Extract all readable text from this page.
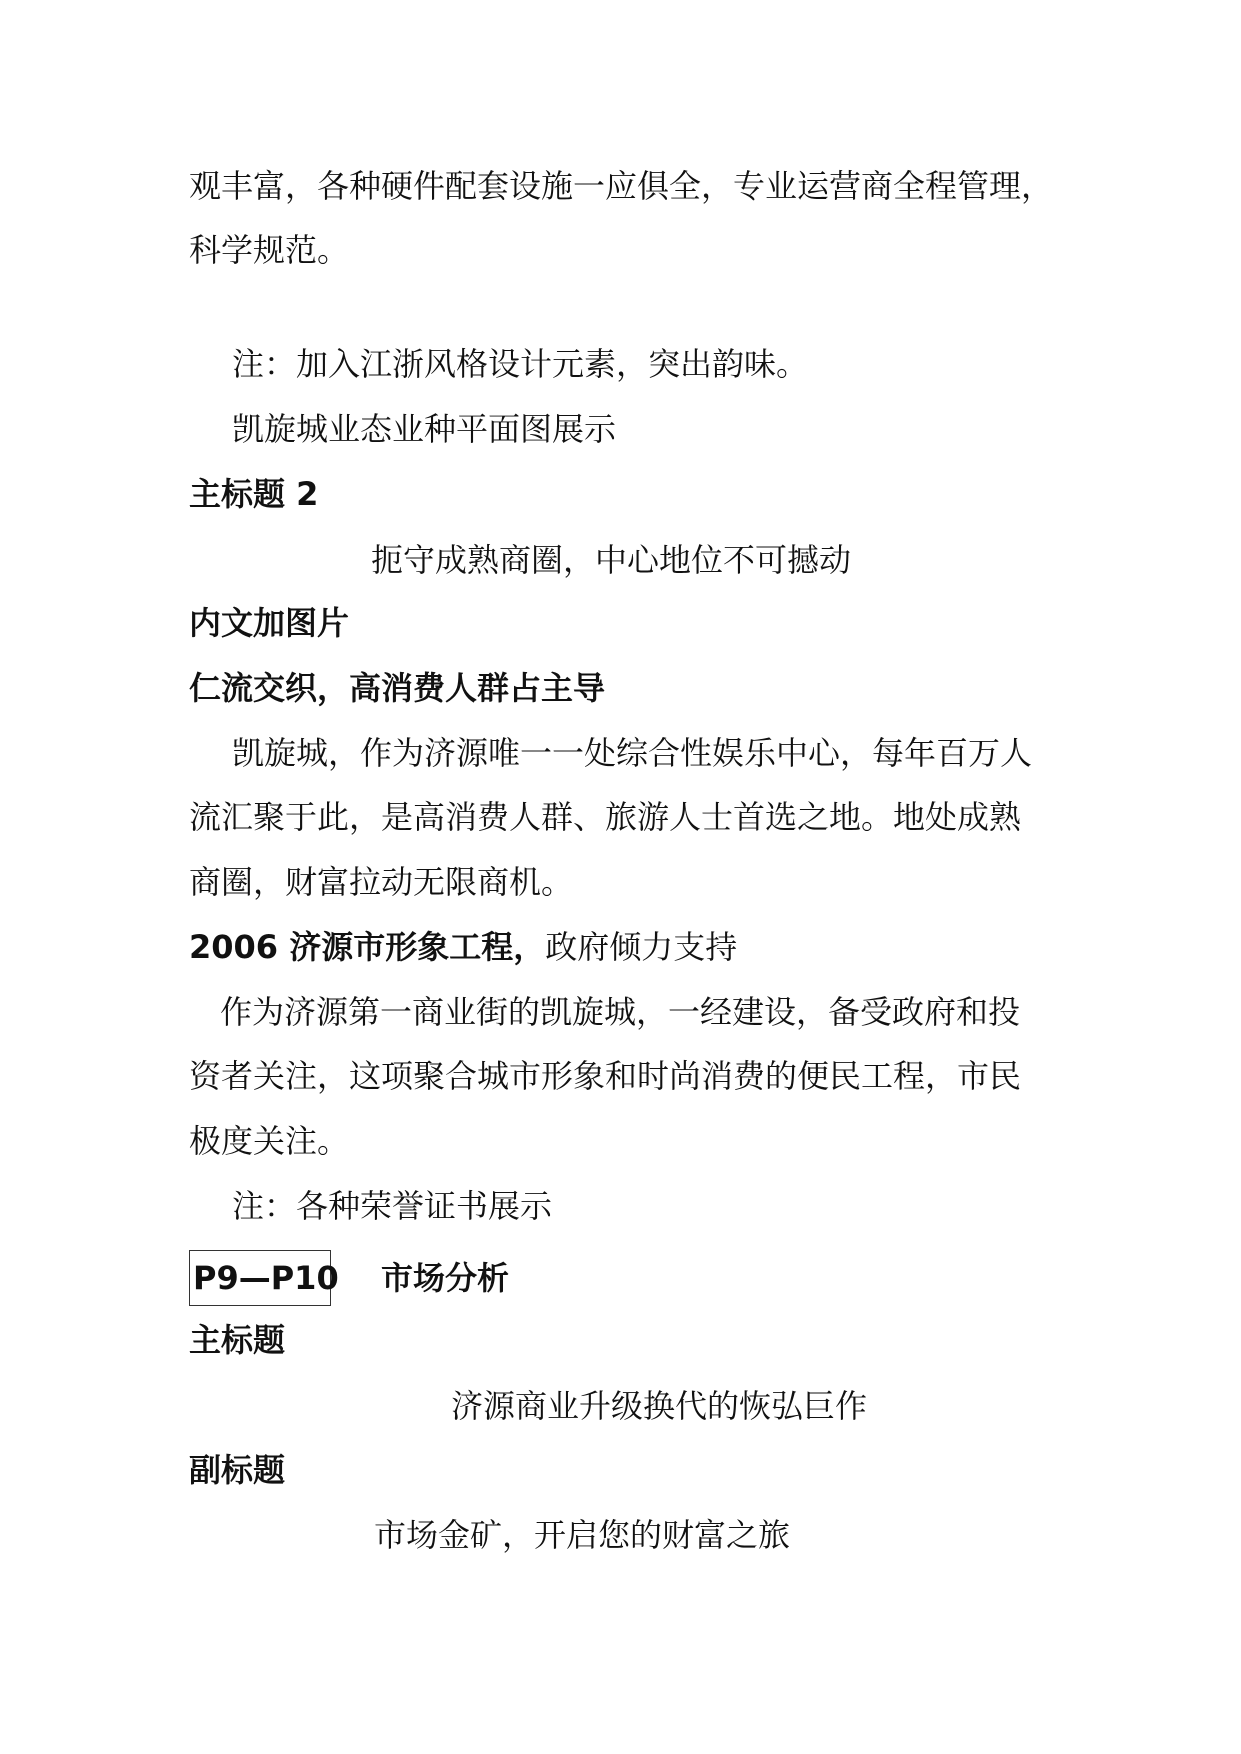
观丰富，各种硬件配套设施一应俱全，专业运营商全程管理，
科学规范。
注：加入江浙风格设计元素，突出韵味。
凯旋城业态业种平面图展示
主标题 2
扼守成熟商圈，中心地位不可撼动
内文加图片
仁流交织，高消费人群占主导
凯旋城，作为济源唯一一处综合性娱乐中心，每年百万人
流汇聚于此，是高消费人群、旅游人士首选之地。地处成熟
商圈，财富拉动无限商机。
2006 济源市形象工程，政府倾力支持
作为济源第一商业街的凯旋城，一经建设，备受政府和投
资者关注，这项聚合城市形象和时尚消费的便民工程，市民
极度关注。
注：各种荣誉证书展示
P9—P10 市场分析
主标题
济源商业升级换代的恢弘巨作
副标题
市场金矿，开启您的财富之旅
